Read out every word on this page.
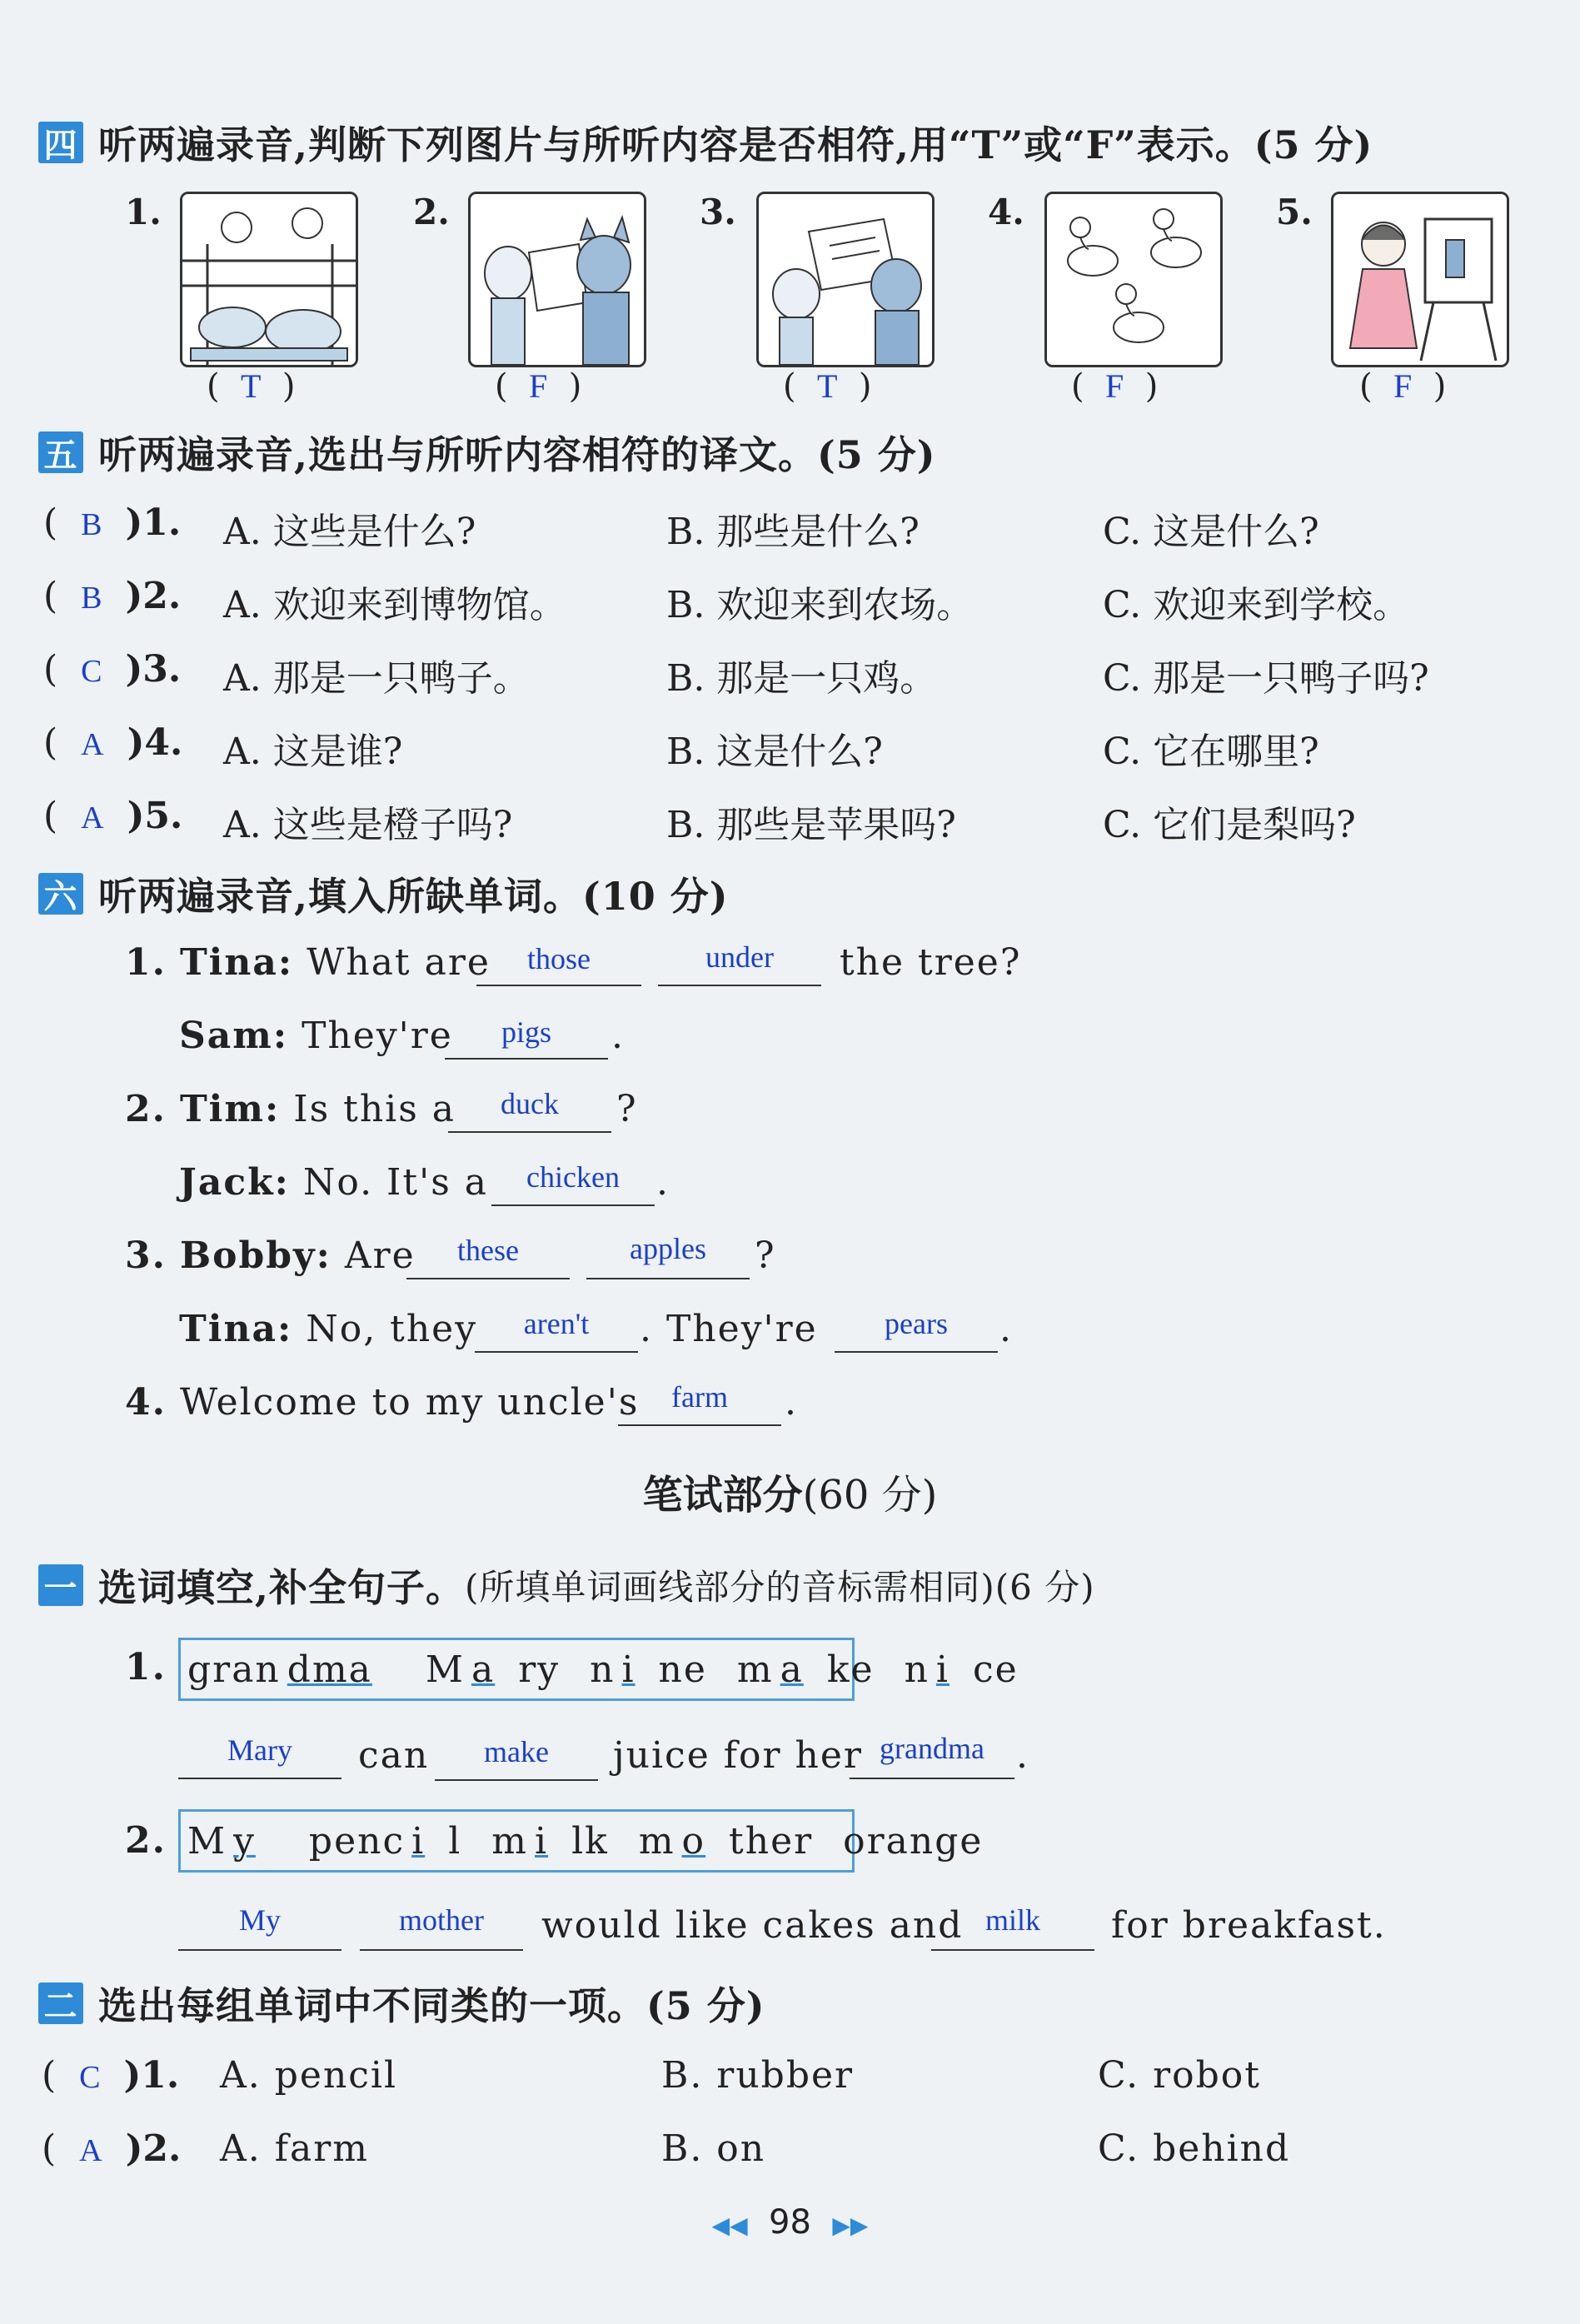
四 听两遍录音,判断下列图片与所听内容是否相符,用“T”或“F”表示。(5 分)
1.
(  T  )
2.
(  F  )
3.
(  T  )
4.
(  F  )
5.
(  F  )
五 听两遍录音,选出与所听内容相符的译文。(5 分)
(  B )1. A. 这些是什么?	B. 那些是什么?	C. 这是什么?
(  B )2. A. 欢迎来到博物馆。	B. 欢迎来到农场。	C. 欢迎来到学校。
(  C )3. A. 那是一只鸭子。	B. 那是一只鸡。	C. 那是一只鸭子吗?
(  A )4. A. 这是谁?	B. 这是什么?	C. 它在哪里?
(  A )5. A. 这些是橙子吗?	B. 那些是苹果吗?	C. 它们是梨吗?
六 听两遍录音,填入所缺单词。(10 分)
1. Tina: What are	those	under	the tree?
Sam: They're	pigs	.
2. Tim: Is this a	duck	?
Jack: No. It's a	chicken	.
3. Bobby: Are	these	apples	?
Tina: No, they	aren't	. They're	pears	.
4. Welcome to my uncle's	farm	.
笔试部分(60 分)
一 选词填空,补全句子。 (所填单词画线部分的音标需相同)(6 分)
1. gran dma	M a ry n i ne m a ke n i ce
Mary	can	make	juice for her grandma .
2. M y	penc i l m i lk m o ther orange
My	mother	would like cakes and milk	for breakfast.
二 选出每组单词中不同类的一项。(5 分)
(  C )1. A. pencil	B. rubber	C. robot
(  A )2. A. farm	B. on	C. behind
◀◀ 98 ▶▶
